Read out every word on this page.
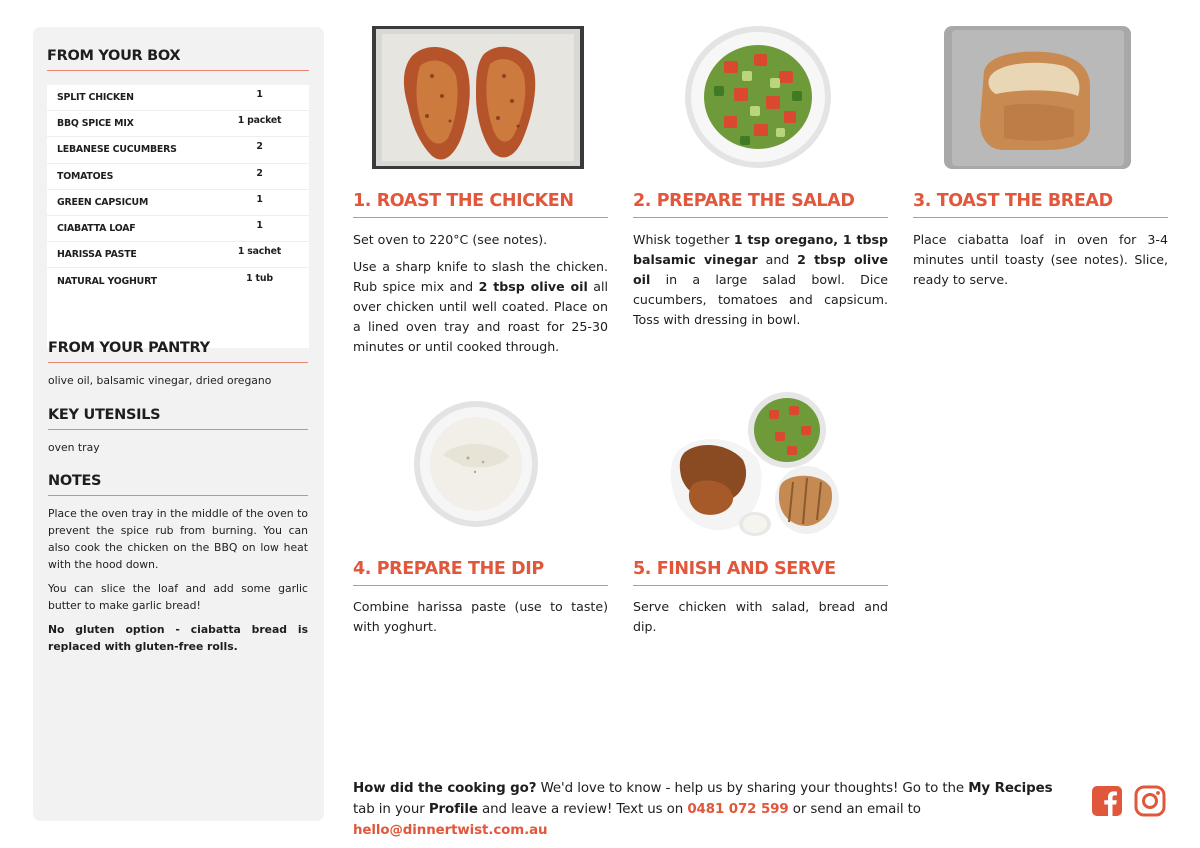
FROM YOUR BOX
SPLIT CHICKEN	1
BBQ SPICE MIX	1 packet
LEBANESE CUCUMBERS	2
TOMATOES	2
GREEN CAPSICUM	1
CIABATTA LOAF	1
HARISSA PASTE	1 sachet
NATURAL YOGHURT	1 tub
FROM YOUR PANTRY
olive oil, balsamic vinegar, dried oregano
KEY UTENSILS
oven tray
NOTES

Place the oven tray in the middle of the oven to prevent the spice rub from burning. You can also cook the chicken on the BBQ on low heat with the hood down.

You can slice the loaf and add some garlic butter to make garlic bread!

No gluten option - ciabatta bread is replaced with gluten-free rolls.

1. ROAST THE CHICKEN

Set oven to 220°C (see notes).

Use a sharp knife to slash the chicken. Rub spice mix and 2 tbsp olive oil all over chicken until well coated. Place on a lined oven tray and roast for 25-30 minutes or until cooked through.

2. PREPARE THE SALAD

Whisk together 1 tsp oregano, 1 tbsp balsamic vinegar and 2 tbsp olive oil in a large salad bowl. Dice cucumbers, tomatoes and capsicum. Toss with dressing in bowl.

3. TOAST THE BREAD

Place ciabatta loaf in oven for 3-4 minutes until toasty (see notes). Slice, ready to serve.

4. PREPARE THE DIP

Combine harissa paste (use to taste) with yoghurt.

5. FINISH AND SERVE

Serve chicken with salad, bread and dip.

How did the cooking go? We'd love to know - help us by sharing your thoughts! Go to the My Recipes tab in your Profile and leave a review! Text us on 0481 072 599 or send an email to hello@dinnertwist.com.au
